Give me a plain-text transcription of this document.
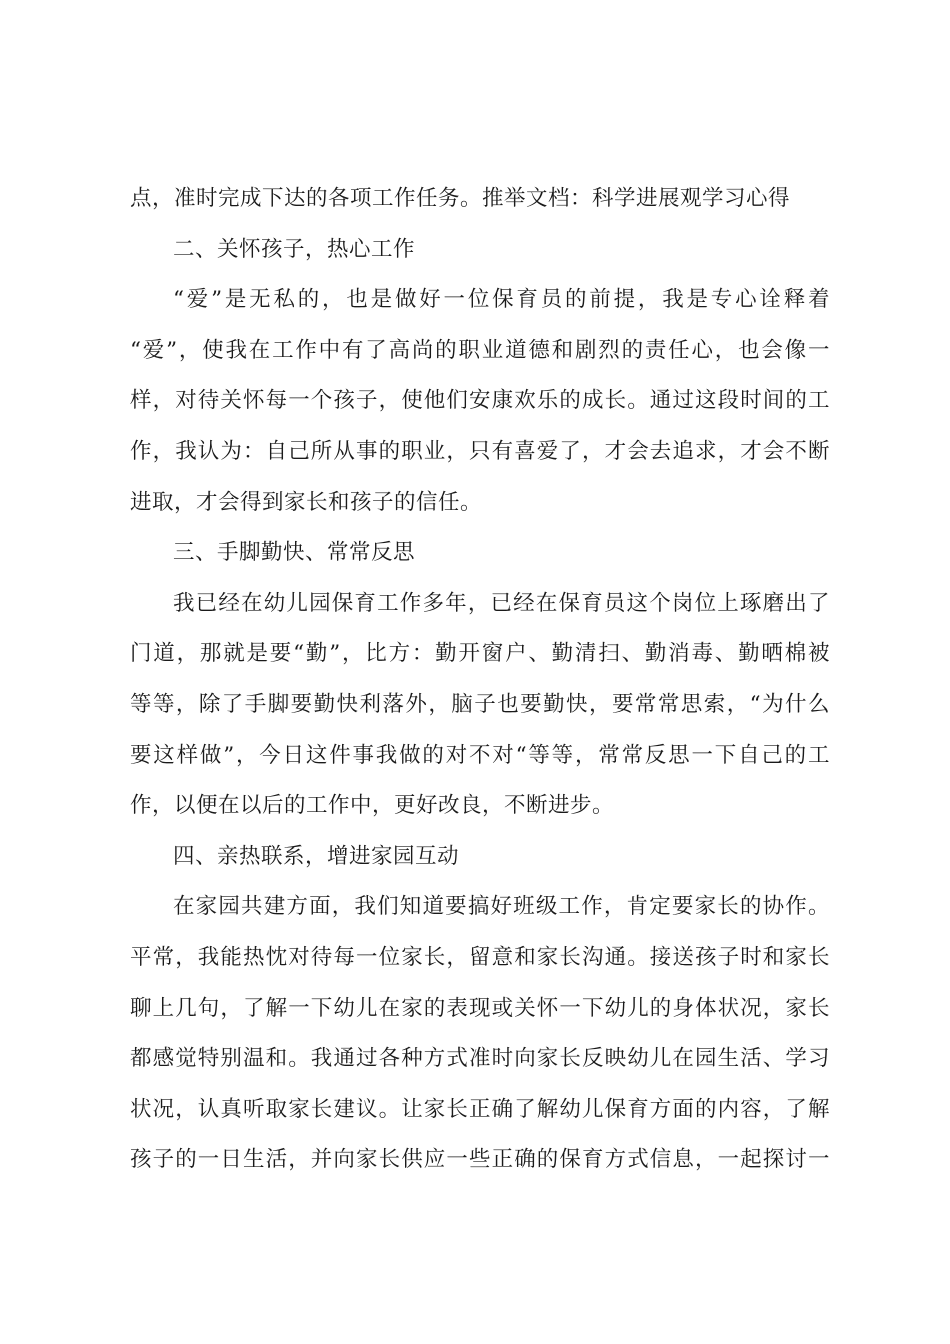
点，准时完成下达的各项工作任务。推举文档：科学进展观学习心得
二、关怀孩子，热心工作
“爱”是无私的，也是做好一位保育员的前提，我是专心诠释着
“爱”，使我在工作中有了高尚的职业道德和剧烈的责任心，也会像一
样，对待关怀每一个孩子，使他们安康欢乐的成长。通过这段时间的工
作，我认为：自己所从事的职业，只有喜爱了，才会去追求，才会不断
进取，才会得到家长和孩子的信任。
三、手脚勤快、常常反思
我已经在幼儿园保育工作多年，已经在保育员这个岗位上琢磨出了
门道，那就是要“勤”，比方：勤开窗户、勤清扫、勤消毒、勤晒棉被
等等，除了手脚要勤快利落外，脑子也要勤快，要常常思索，“为什么
要这样做”，今日这件事我做的对不对“等等，常常反思一下自己的工
作，以便在以后的工作中，更好改良，不断进步。
四、亲热联系，增进家园互动
在家园共建方面，我们知道要搞好班级工作，肯定要家长的协作。
平常，我能热忱对待每一位家长，留意和家长沟通。接送孩子时和家长
聊上几句，了解一下幼儿在家的表现或关怀一下幼儿的身体状况，家长
都感觉特别温和。我通过各种方式准时向家长反映幼儿在园生活、学习
状况，认真听取家长建议。让家长正确了解幼儿保育方面的内容，了解
孩子的一日生活，并向家长供应一些正确的保育方式信息，一起探讨一
